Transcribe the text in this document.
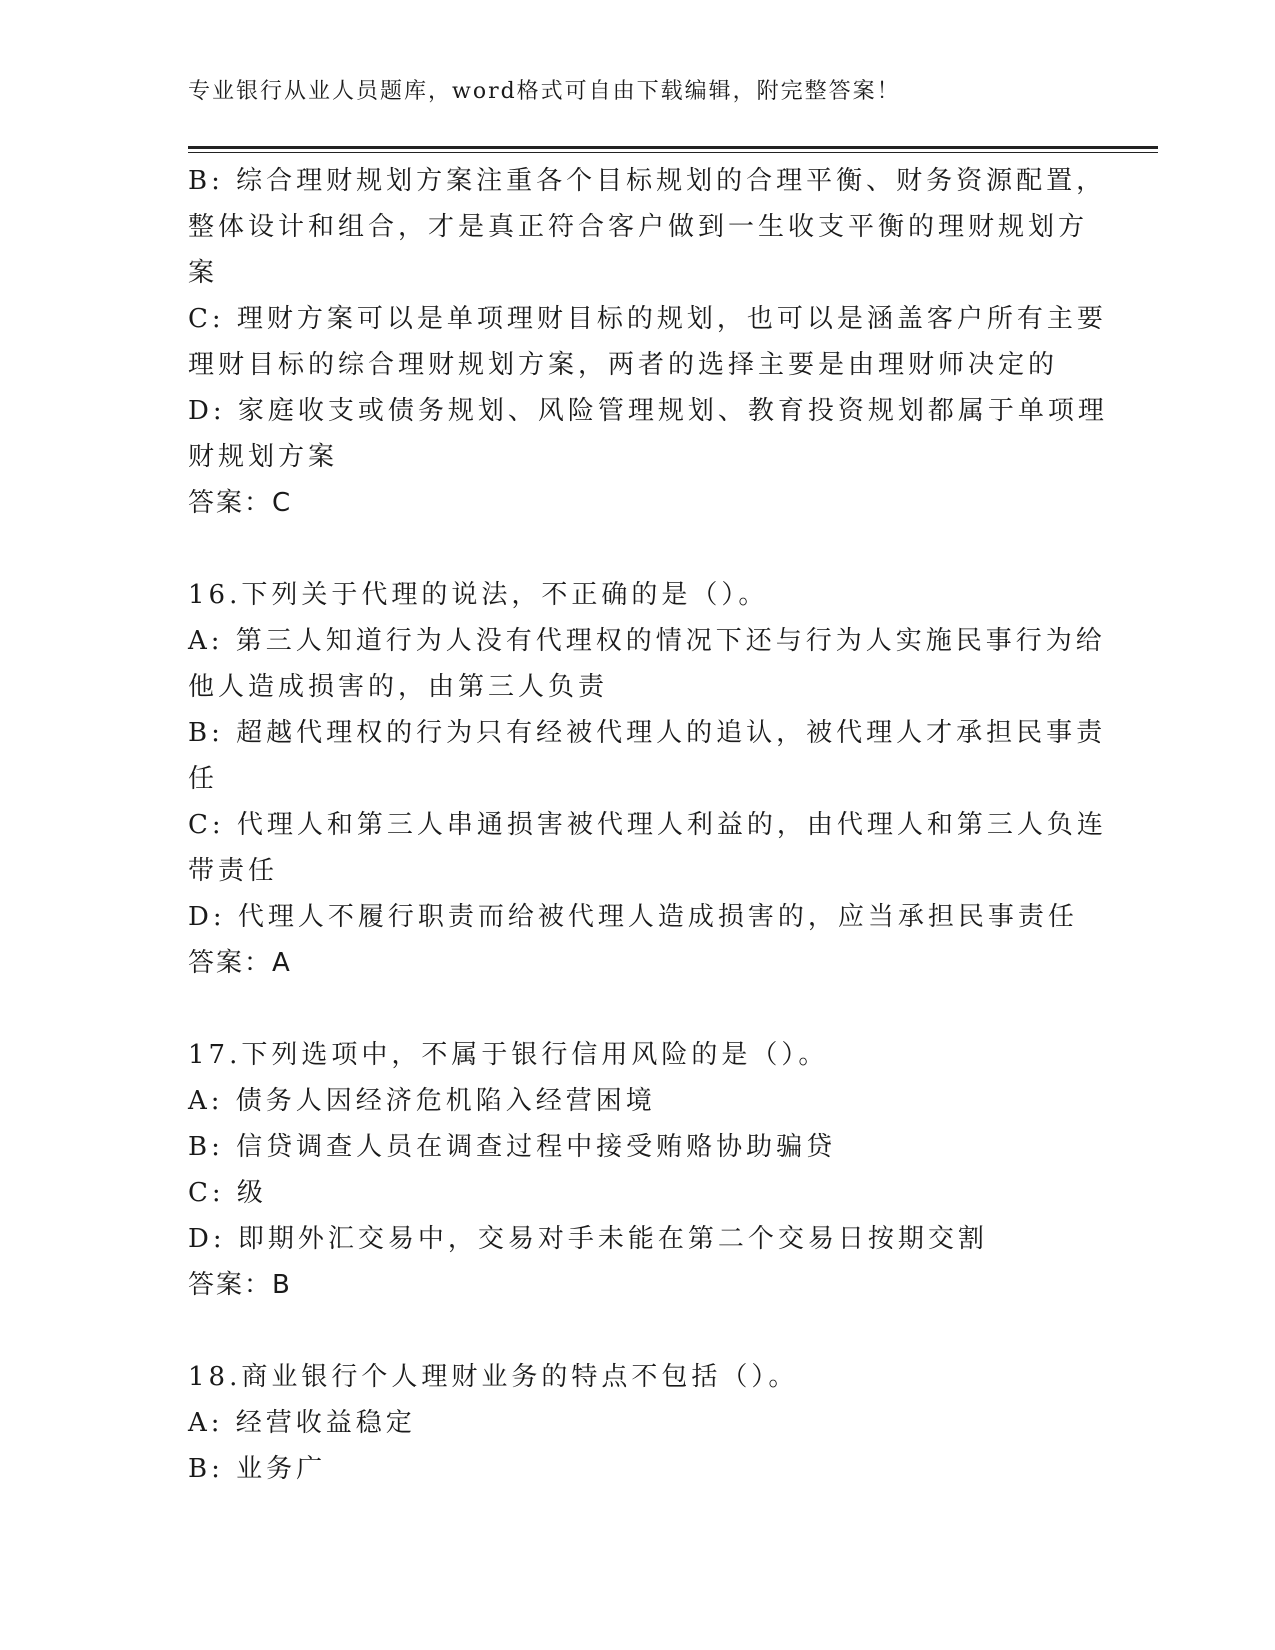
专业银行从业人员题库，word格式可自由下载编辑，附完整答案！
B: 综合理财规划方案注重各个目标规划的合理平衡、财务资源配置，
整体设计和组合，才是真正符合客户做到一生收支平衡的理财规划方
案
C: 理财方案可以是单项理财目标的规划，也可以是涵盖客户所有主要
理财目标的综合理财规划方案，两者的选择主要是由理财师决定的
D: 家庭收支或债务规划、风险管理规划、教育投资规划都属于单项理
财规划方案
答案：C
16.下列关于代理的说法，不正确的是（）。
A: 第三人知道行为人没有代理权的情况下还与行为人实施民事行为给
他人造成损害的，由第三人负责
B: 超越代理权的行为只有经被代理人的追认，被代理人才承担民事责
任
C: 代理人和第三人串通损害被代理人利益的，由代理人和第三人负连
带责任
D: 代理人不履行职责而给被代理人造成损害的，应当承担民事责任
答案：A
17.下列选项中，不属于银行信用风险的是（）。
A: 债务人因经济危机陷入经营困境
B: 信贷调查人员在调查过程中接受贿赂协助骗贷
C: 级
D: 即期外汇交易中，交易对手未能在第二个交易日按期交割
答案：B
18.商业银行个人理财业务的特点不包括（）。
A: 经营收益稳定
B: 业务广
